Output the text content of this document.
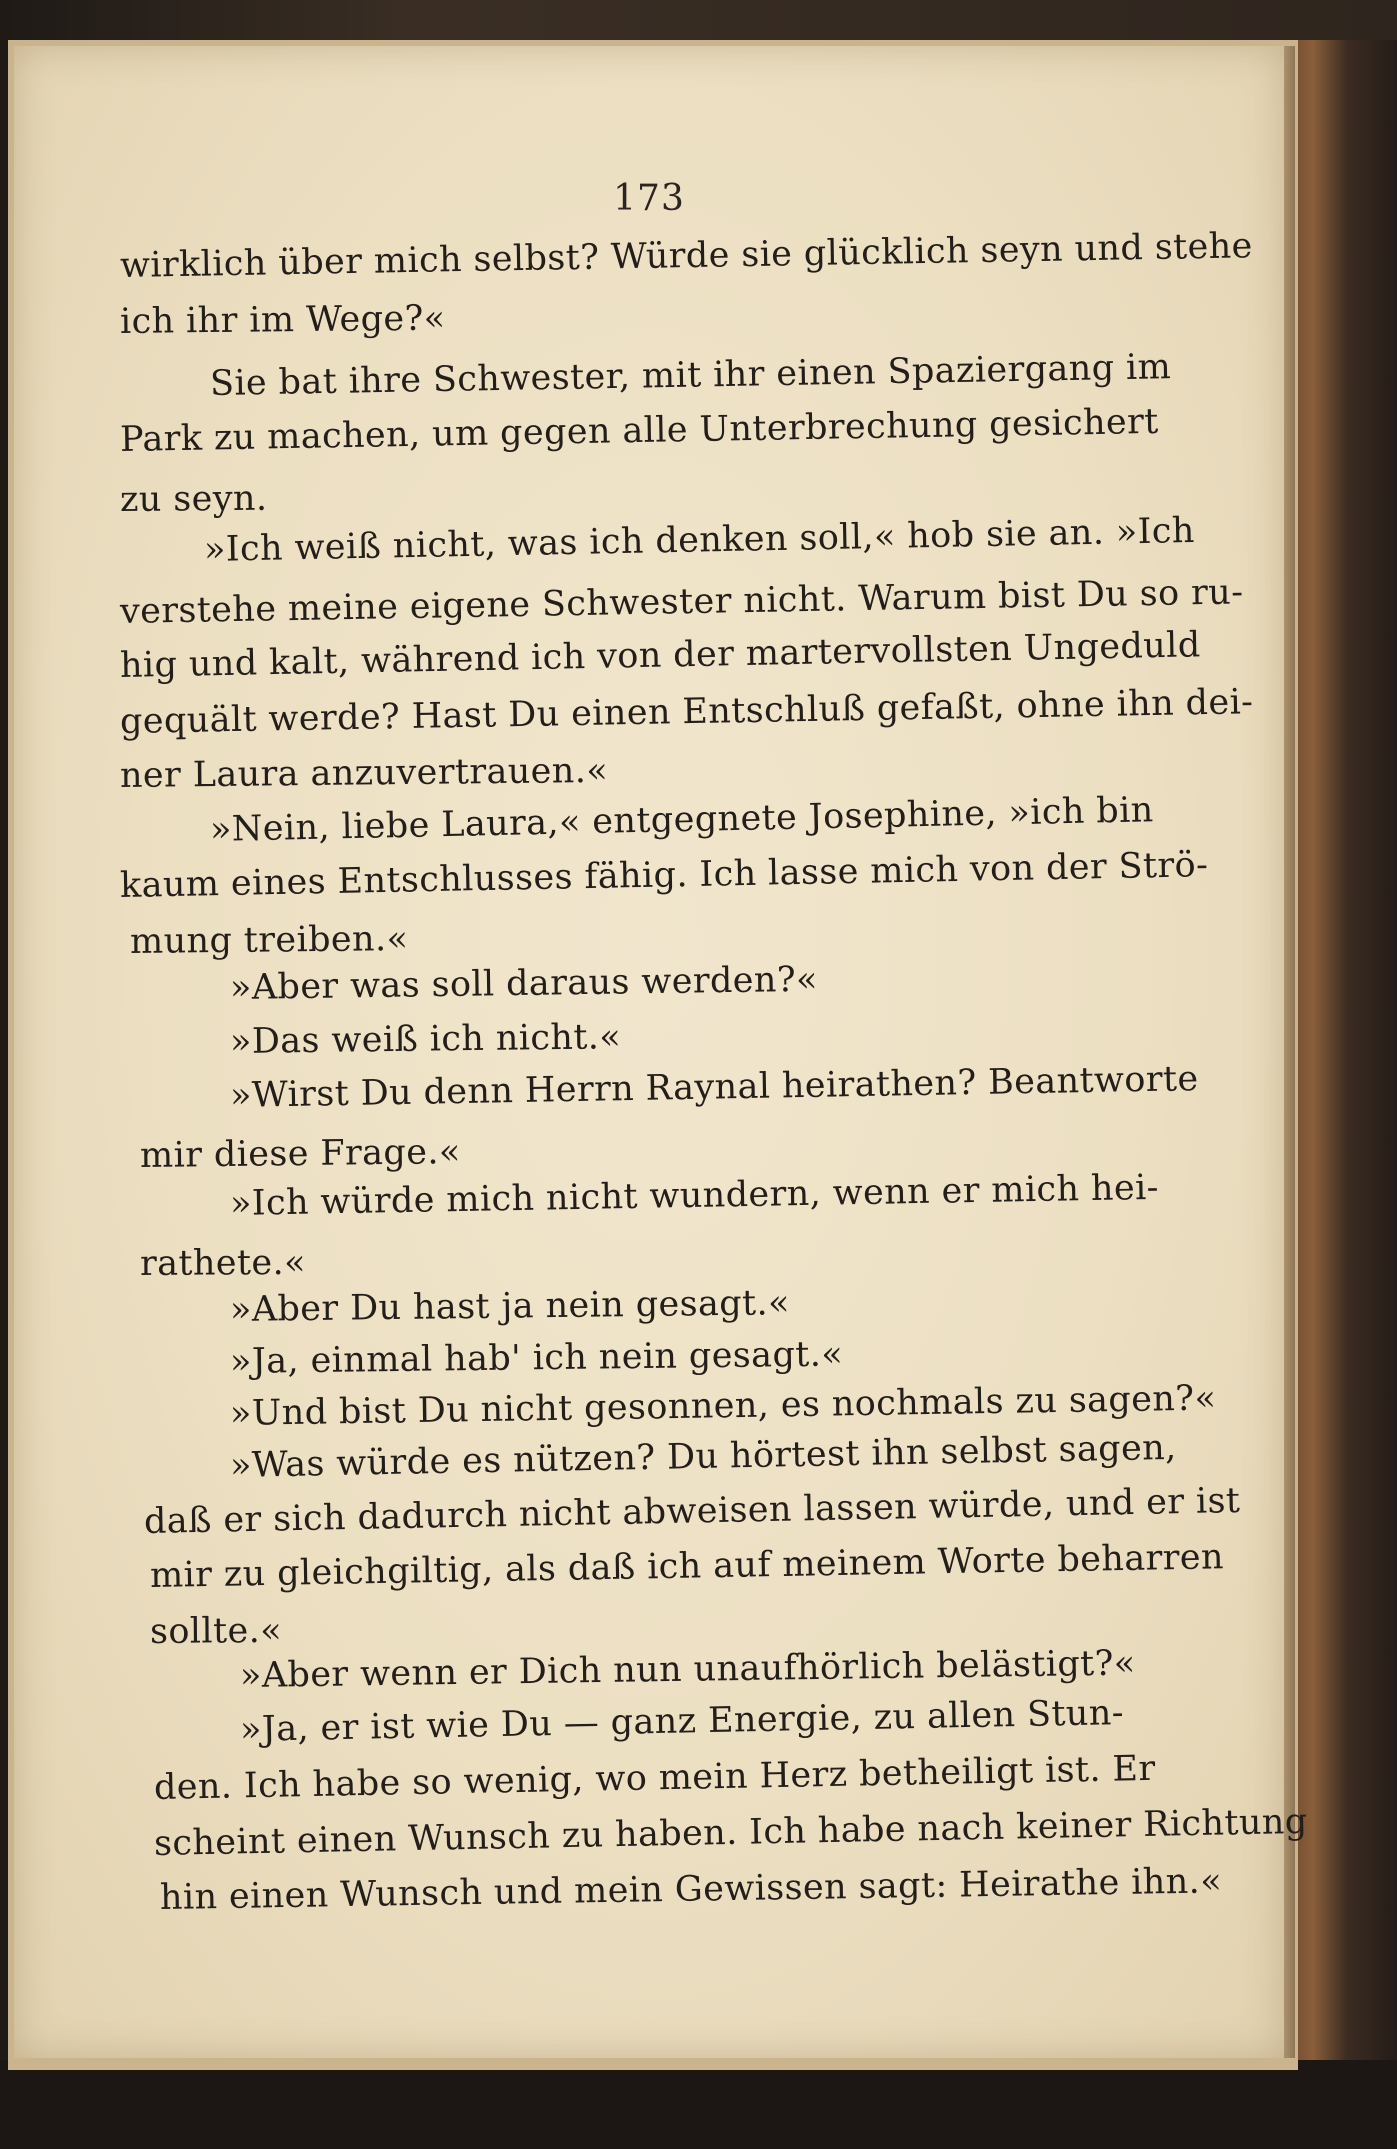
173
wirklich über mich selbst? Würde sie glücklich seyn und stehe
ich ihr im Wege?«
Sie bat ihre Schwester, mit ihr einen Spaziergang im
Park zu machen, um gegen alle Unterbrechung gesichert
zu seyn.
»Ich weiß nicht, was ich denken soll,« hob sie an. »Ich
verstehe meine eigene Schwester nicht. Warum bist Du so ru-
hig und kalt, während ich von der martervollsten Ungeduld
gequält werde? Hast Du einen Entschluß gefaßt, ohne ihn dei-
ner Laura anzuvertrauen.«
»Nein, liebe Laura,« entgegnete Josephine, »ich bin
kaum eines Entschlusses fähig. Ich lasse mich von der Strö-
mung treiben.«
»Aber was soll daraus werden?«
»Das weiß ich nicht.«
»Wirst Du denn Herrn Raynal heirathen? Beantworte
mir diese Frage.«
»Ich würde mich nicht wundern, wenn er mich hei-
rathete.«
»Aber Du hast ja nein gesagt.«
»Ja, einmal hab' ich nein gesagt.«
»Und bist Du nicht gesonnen, es nochmals zu sagen?«
»Was würde es nützen? Du hörtest ihn selbst sagen,
daß er sich dadurch nicht abweisen lassen würde, und er ist
mir zu gleichgiltig, als daß ich auf meinem Worte beharren
sollte.«
»Aber wenn er Dich nun unaufhörlich belästigt?«
»Ja, er ist wie Du — ganz Energie, zu allen Stun-
den. Ich habe so wenig, wo mein Herz betheiligt ist. Er
scheint einen Wunsch zu haben. Ich habe nach keiner Richtung
hin einen Wunsch und mein Gewissen sagt: Heirathe ihn.«
